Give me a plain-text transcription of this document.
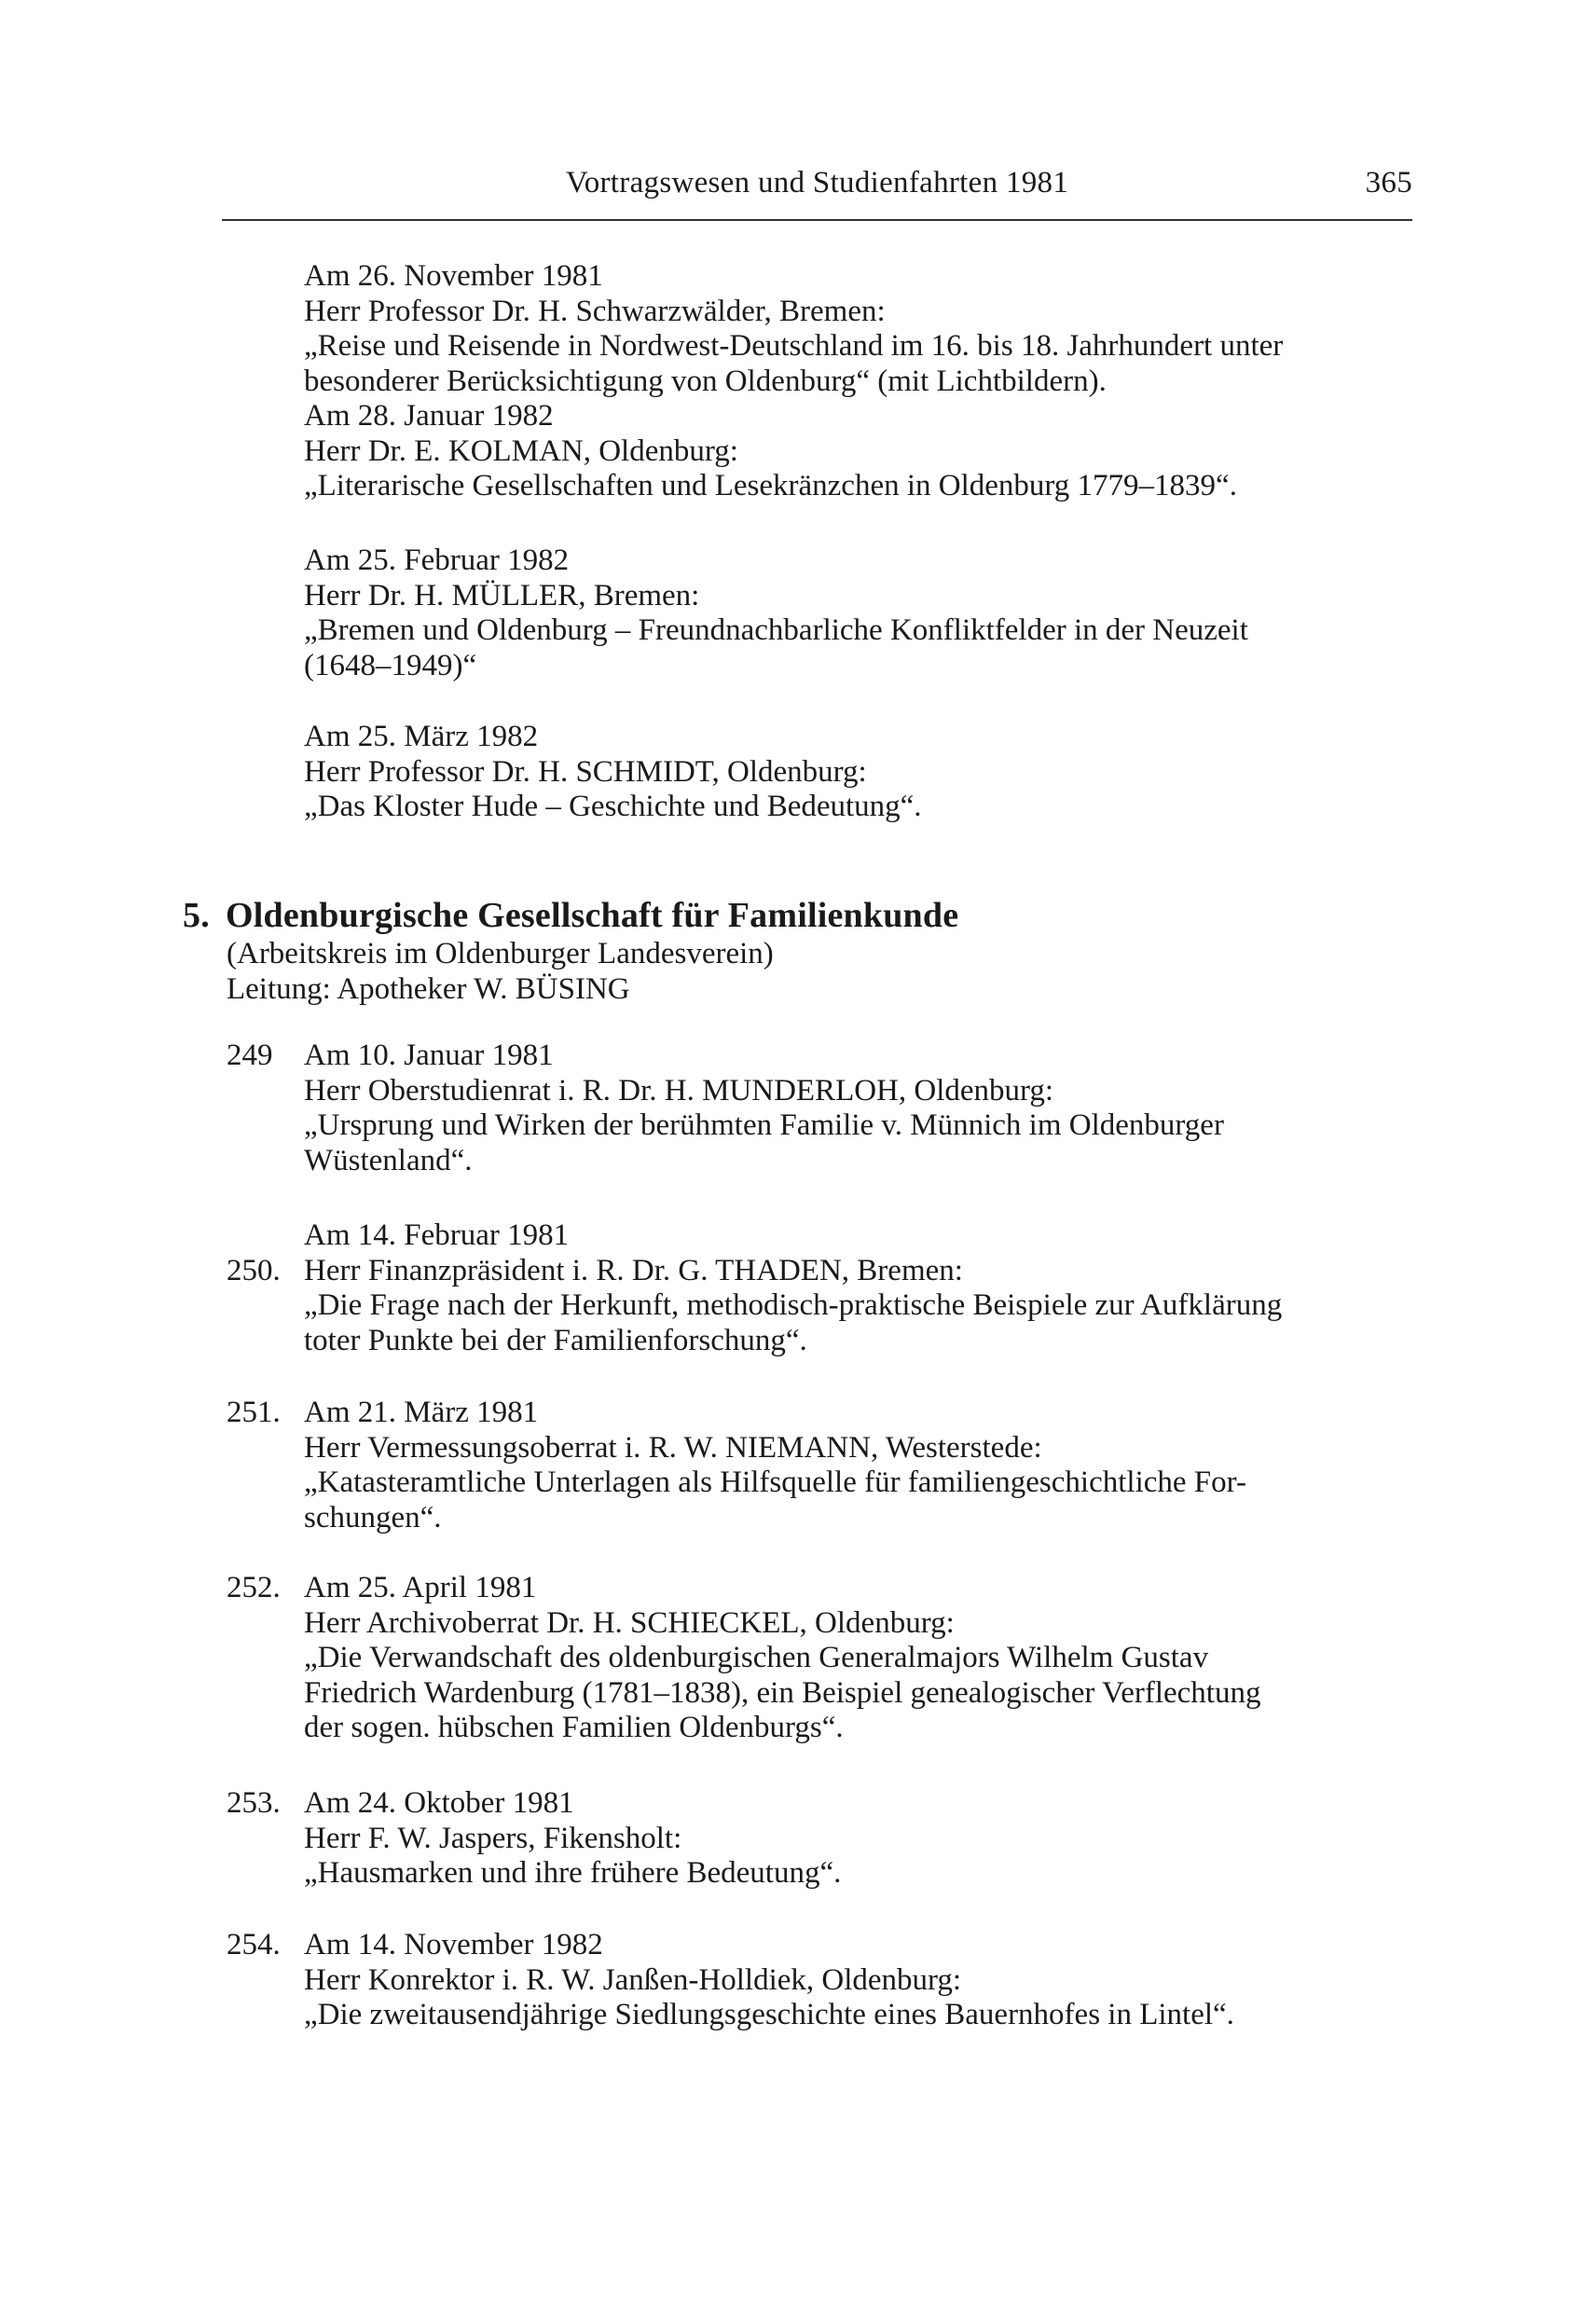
Vortragswesen und Studienfahrten 1981	365
Am 26. November 1981
Herr Professor Dr. H. Schwarzwälder, Bremen:
„Reise und Reisende in Nordwest-Deutschland im 16. bis 18. Jahrhundert unter
besonderer Berücksichtigung von Oldenburg“ (mit Lichtbildern).
Am 28. Januar 1982
Herr Dr. E. KOLMAN, Oldenburg:
„Literarische Gesellschaften und Lesekränzchen in Oldenburg 1779–1839“.
Am 25. Februar 1982
Herr Dr. H. MÜLLER, Bremen:
„Bremen und Oldenburg – Freundnachbarliche Konfliktfelder in der Neuzeit
(1648–1949)“
Am 25. März 1982
Herr Professor Dr. H. SCHMIDT, Oldenburg:
„Das Kloster Hude – Geschichte und Bedeutung“.
5. Oldenburgische Gesellschaft für Familienkunde
(Arbeitskreis im Oldenburger Landesverein)
Leitung: Apotheker W. BÜSING
249 Am 10. Januar 1981
Herr Oberstudienrat i. R. Dr. H. MUNDERLOH, Oldenburg:
„Ursprung und Wirken der berühmten Familie v. Münnich im Oldenburger
Wüstenland“.
250.
Am 14. Februar 1981
Herr Finanzpräsident i. R. Dr. G. THADEN, Bremen:
„Die Frage nach der Herkunft, methodisch-praktische Beispiele zur Aufklärung
toter Punkte bei der Familienforschung“.
251. Am 21. März 1981
Herr Vermessungsoberrat i. R. W. NIEMANN, Westerstede:
„Katasteramtliche Unterlagen als Hilfsquelle für familiengeschichtliche For-
schungen“.
252. Am 25. April 1981
Herr Archivoberrat Dr. H. SCHIECKEL, Oldenburg:
„Die Verwandschaft des oldenburgischen Generalmajors Wilhelm Gustav
Friedrich Wardenburg (1781–1838), ein Beispiel genealogischer Verflechtung
der sogen. hübschen Familien Oldenburgs“.
253. Am 24. Oktober 1981
Herr F. W. Jaspers, Fikensholt:
„Hausmarken und ihre frühere Bedeutung“.
254. Am 14. November 1982
Herr Konrektor i. R. W. Janßen-Holldiek, Oldenburg:
„Die zweitausendjährige Siedlungsgeschichte eines Bauernhofes in Lintel“.
